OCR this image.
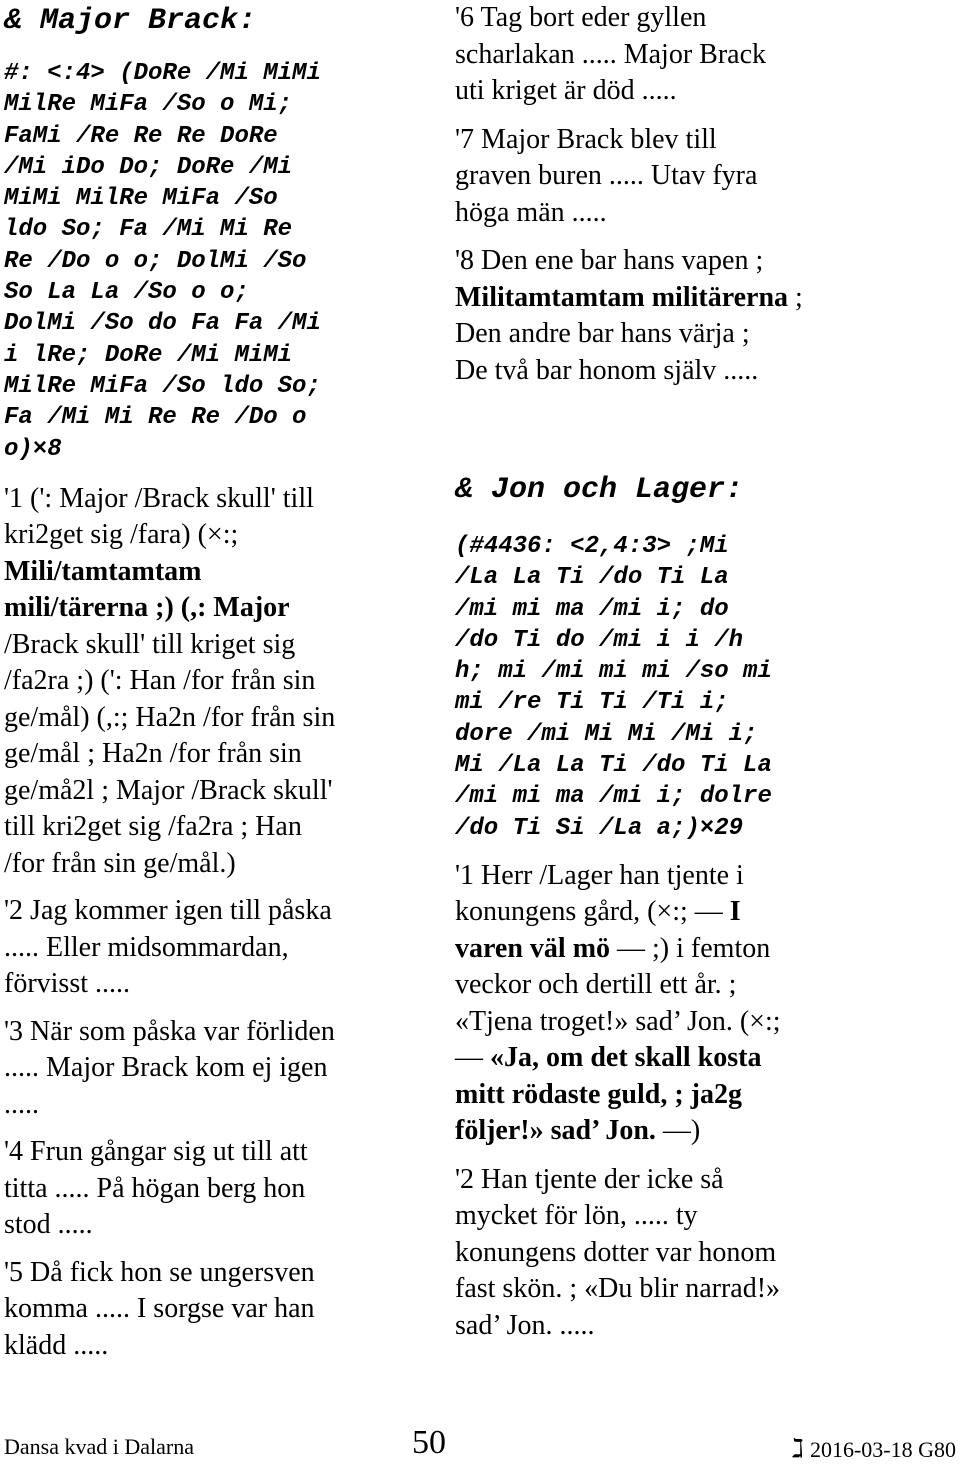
& Major Brack:
#: <:4> (DoRe /Mi MiMi
MilRe MiFa /So o Mi;
FaMi /Re Re Re DoRe
/Mi iDo Do; DoRe /Mi
MiMi MilRe MiFa /So
ldo So; Fa /Mi Mi Re
Re /Do o o; DolMi /So
So La La /So o o;
DolMi /So do Fa Fa /Mi
i lRe; DoRe /Mi MiMi
MilRe MiFa /So ldo So;
Fa /Mi Mi Re Re /Do o
o)×8
'1 (': Major /Brack skull' till
kri2get sig /fara) (×:;
Mili/tamtamtam
mili/tärerna ;) (,: Major
/Brack skull' till kriget sig
/fa2ra ;) (': Han /for från sin
ge/mål) (,:; Ha2n /for från sin
ge/mål ; Ha2n /for från sin
ge/må2l ; Major /Brack skull'
till kri2get sig /fa2ra ; Han
/for från sin ge/mål.)
'2 Jag kommer igen till påska
..... Eller midsommardan,
förvisst .....
'3 När som påska var förliden
..... Major Brack kom ej igen
.....
'4 Frun gångar sig ut till att
titta ..... På högan berg hon
stod .....
'5 Då fick hon se ungersven
komma ..... I sorgse var han
klädd .....
'6 Tag bort eder gyllen
scharlakan ..... Major Brack
uti kriget är död .....
'7 Major Brack blev till
graven buren ..... Utav fyra
höga män .....
'8 Den ene bar hans vapen ;
Militamtamtam militärerna ;
Den andre bar hans värja ;
De två bar honom själv .....
& Jon och Lager:
(#4436: <2,4:3> ;Mi
/La La Ti /do Ti La
/mi mi ma /mi i; do
/do Ti do /mi i i /h
h; mi /mi mi mi /so mi
mi /re Ti Ti /Ti i;
dore /mi Mi Mi /Mi i;
Mi /La La Ti /do Ti La
/mi mi ma /mi i; dolre
/do Ti Si /La a;)×29
'1 Herr /Lager han tjente i
konungens gård, (×:; — I
varen väl mö — ;) i femton
veckor och dertill ett år. ;
«Tjena troget!» sad’ Jon. (×:;
— «Ja, om det skall kosta
mitt rödaste guld, ; ja2g
följer!» sad’ Jon. —)
'2 Han tjente der icke så
mycket för lön, ..... ty
konungens dotter var honom
fast skön. ; «Du blir narrad!»
sad’ Jon. .....
Dansa kvad i Dalarna	50	ℷ 2016-03-18 G80
